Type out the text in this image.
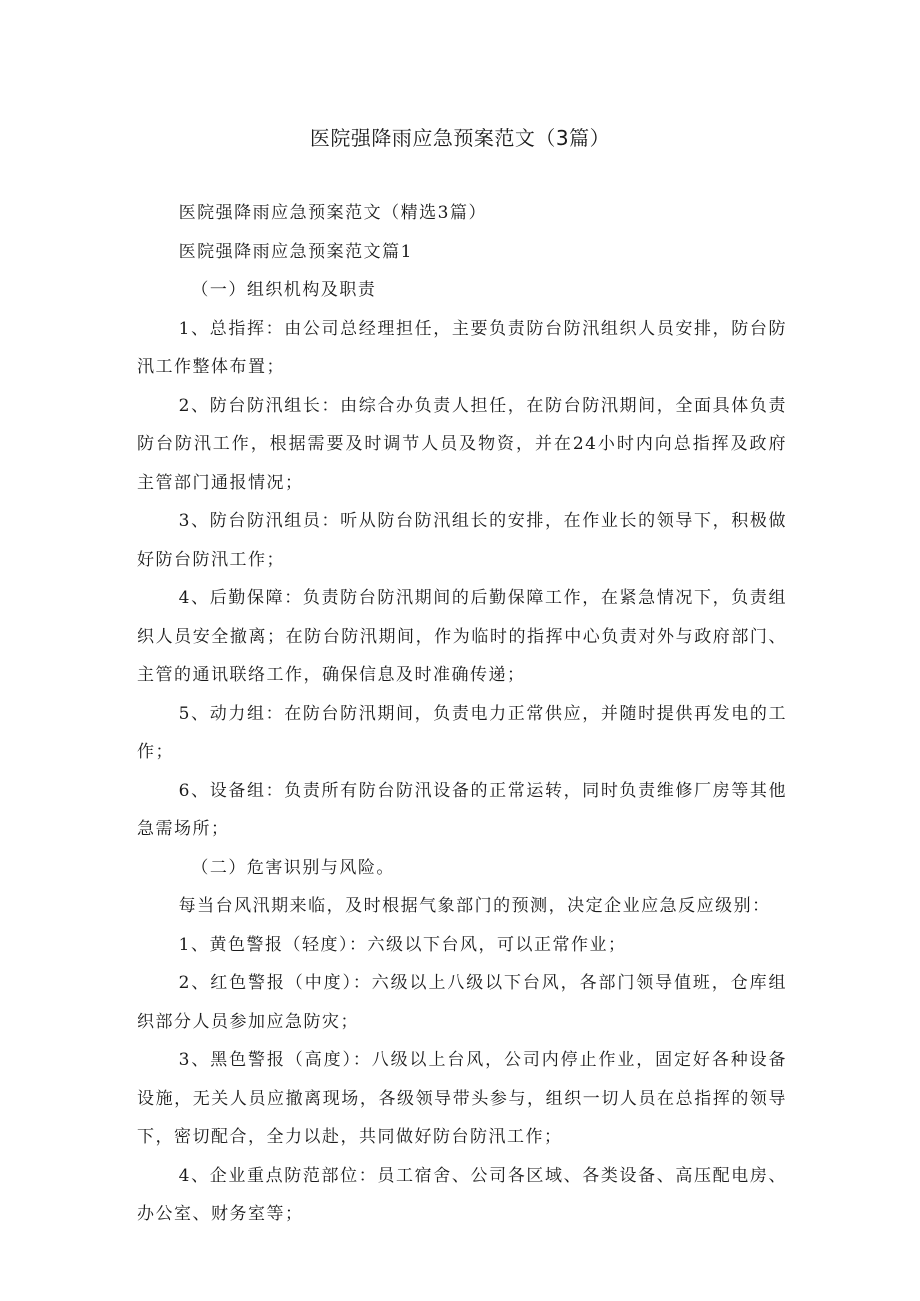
医院强降雨应急预案范文（3篇）

医院强降雨应急预案范文（精选3篇）

医院强降雨应急预案范文篇1

（一）组织机构及职责

1、总指挥：由公司总经理担任，主要负责防台防汛组织人员安排，防台防汛工作整体布置；

2、防台防汛组长：由综合办负责人担任，在防台防汛期间，全面具体负责防台防汛工作，根据需要及时调节人员及物资，并在24小时内向总指挥及政府主管部门通报情况；

3、防台防汛组员：听从防台防汛组长的安排，在作业长的领导下，积极做好防台防汛工作；

4、后勤保障：负责防台防汛期间的后勤保障工作，在紧急情况下，负责组织人员安全撤离；在防台防汛期间，作为临时的指挥中心负责对外与政府部门、主管的通讯联络工作，确保信息及时准确传递；

5、动力组：在防台防汛期间，负责电力正常供应，并随时提供再发电的工作；

6、设备组：负责所有防台防汛设备的正常运转，同时负责维修厂房等其他急需场所；

（二）危害识别与风险。

每当台风汛期来临，及时根据气象部门的预测，决定企业应急反应级别：

1、黄色警报（轻度）：六级以下台风，可以正常作业；

2、红色警报（中度）：六级以上八级以下台风，各部门领导值班，仓库组织部分人员参加应急防灾；

3、黑色警报（高度）：八级以上台风，公司内停止作业，固定好各种设备设施，无关人员应撤离现场，各级领导带头参与，组织一切人员在总指挥的领导下，密切配合，全力以赴，共同做好防台防汛工作；

4、企业重点防范部位：员工宿舍、公司各区域、各类设备、高压配电房、办公室、财务室等；
